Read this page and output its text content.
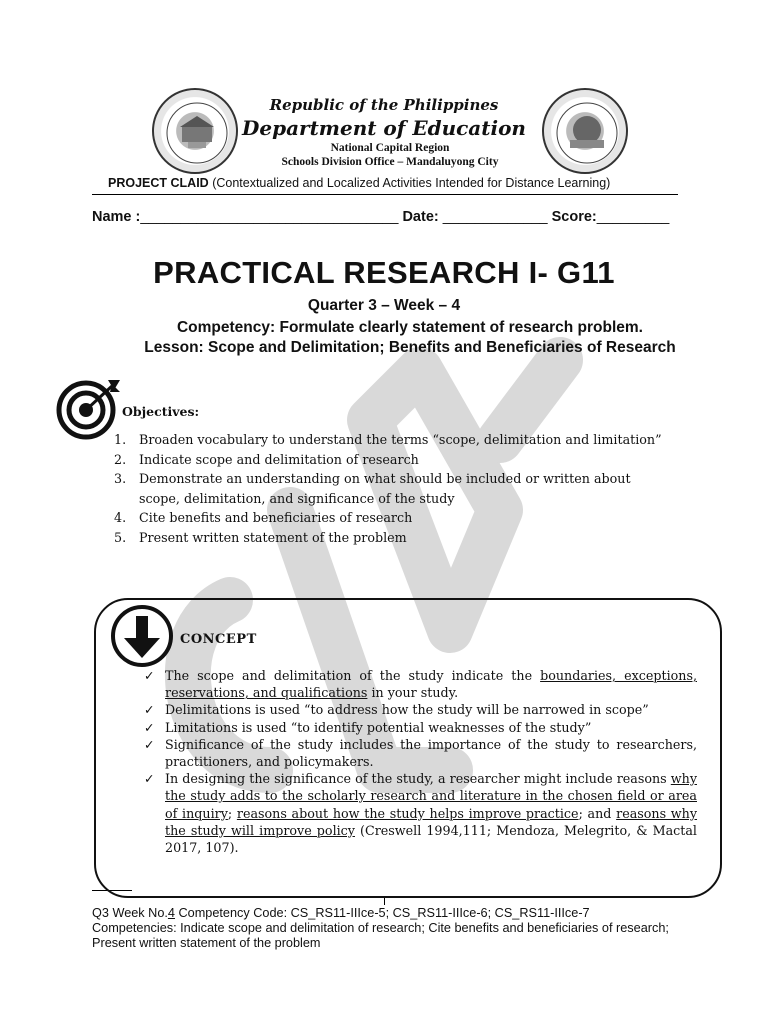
Republic of the Philippines
Department of Education
National Capital Region
Schools Division Office – Mandaluyong City
PROJECT CLAID (Contextualized and Localized Activities Intended for Distance Learning)
Name :________________________________ Date: _____________ Score:_________
PRACTICAL RESEARCH I- G11
Quarter 3 – Week – 4
Competency: Formulate clearly statement of research problem.
Lesson: Scope and Delimitation; Benefits and Beneficiaries of Research
Objectives:
1. Broaden vocabulary to understand the terms “scope, delimitation and limitation”
2. Indicate scope and delimitation of research
3. Demonstrate an understanding on what should be included or written about scope, delimitation, and significance of the study
4. Cite benefits and beneficiaries of research
5. Present written statement of the problem
CONCEPT
✓ The scope and delimitation of the study indicate the boundaries, exceptions, reservations, and qualifications in your study.
✓ Delimitations is used “to address how the study will be narrowed in scope”
✓ Limitations is used “to identify potential weaknesses of the study”
✓ Significance of the study includes the importance of the study to researchers, practitioners, and policymakers.
✓ In designing the significance of the study, a researcher might include reasons why the study adds to the scholarly research and literature in the chosen field or area of inquiry; reasons about how the study helps improve practice; and reasons why the study will improve policy (Creswell 1994,111; Mendoza, Melegrito, & Mactal 2017, 107).
Q3 Week No.4 Competency Code: CS_RS11-IIIce-5; CS_RS11-IIIce-6; CS_RS11-IIIce-7
Competencies: Indicate scope and delimitation of research; Cite benefits and beneficiaries of research; Present written statement of the problem
